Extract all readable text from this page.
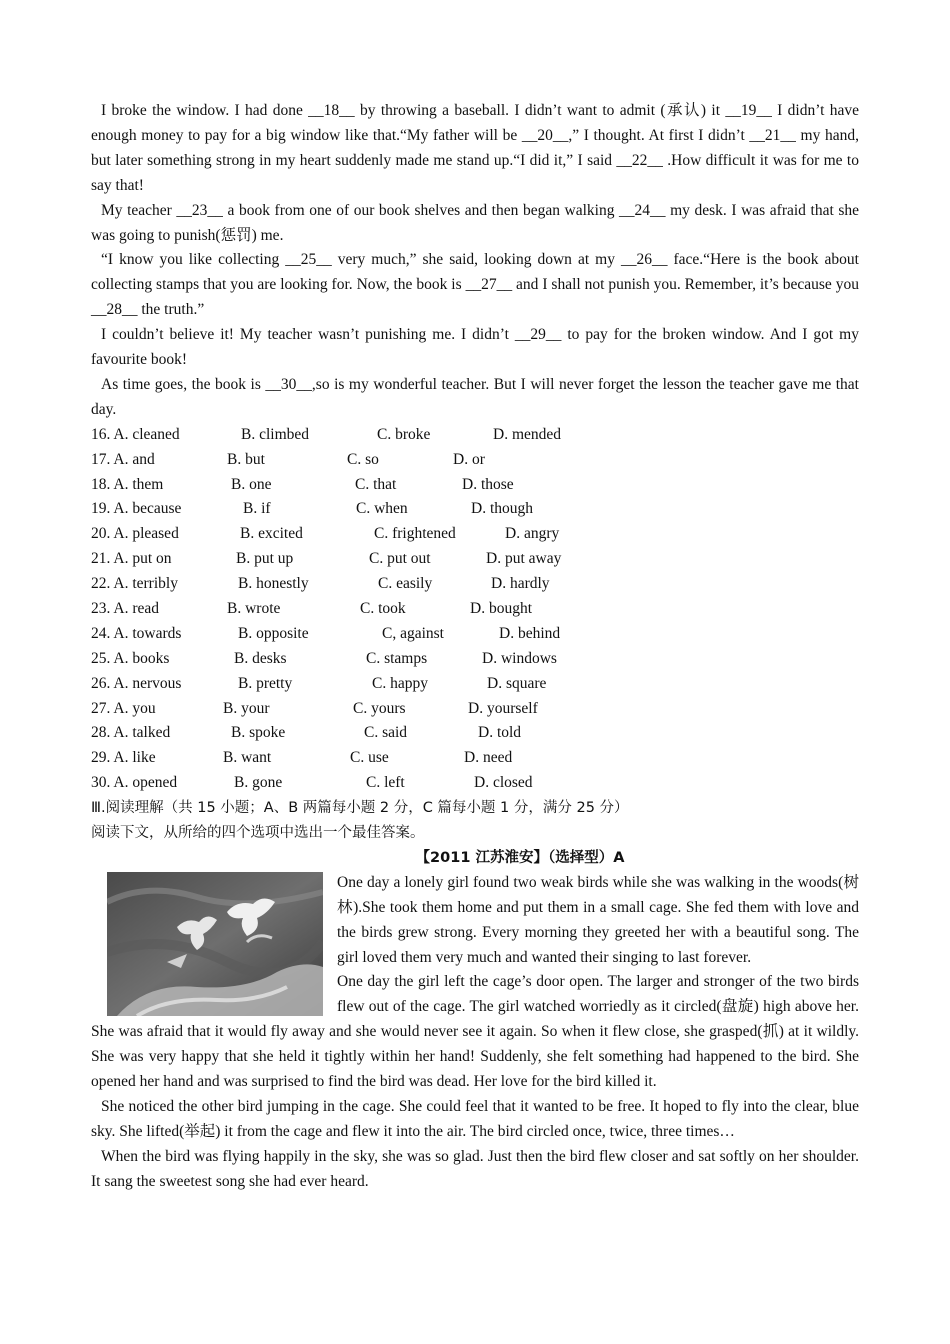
I broke the window. I had done __18__ by throwing a baseball. I didn’t want to admit (承认) it __19__ I didn’t have enough money to pay for a big window like that.“My father will be __20__,” I thought. At first I didn’t __21__ my hand, but later something strong in my heart suddenly made me stand up.“I did it,” I said __22__ .How difficult it was for me to say that!

My teacher __23__ a book from one of our book shelves and then began walking __24__ my desk. I was afraid that she was going to punish(惩罚) me.

“I know you like collecting __25__ very much,” she said, looking down at my __26__ face.“Here is the book about collecting stamps that you are looking for. Now, the book is __27__ and I shall not punish you. Remember, it’s because you __28__ the truth.”

I couldn’t believe it! My teacher wasn’t punishing me. I didn’t __29__ to pay for the broken window. And I got my favourite book!

As time goes, the book is __30__,so is my wonderful teacher. But I will never forget the lesson the teacher gave me that day.

16. A. cleaned	B. climbed	C. broke	D. mended
17. A. and	B. but	C. so	D. or
18. A. them	B. one	C. that	D. those
19. A. because	B. if	C. when	D. though
20. A. pleased	B. excited	C. frightened	D. angry
21. A. put on	B. put up	C. put out	D. put away
22. A. terribly	B. honestly	C. easily	D. hardly
23. A. read	B. wrote	C. took	D. bought
24. A. towards	B. opposite	C, against	D. behind
25. A. books	B. desks	C. stamps	D. windows
26. A. nervous	B. pretty	C. happy	D. square
27. A. you	B. your	C. yours	D. yourself
28. A. talked	B. spoke	C. said	D. told
29. A. like	B. want	C. use	D. need
30. A. opened	B. gone	C. left	D. closed

Ⅲ.阅读理解（共 15 小题；A、B 两篇每小题 2 分，C 篇每小题 1 分，满分 25 分）

阅读下文，从所给的四个选项中选出一个最佳答案。

【2011 江苏淮安】（选择型）A

One day a lonely girl found two weak birds while she was walking in the woods(树林).She took them home and put them in a small cage. She fed them with love and the birds grew strong. Every morning they greeted her with a beautiful song. The girl loved them very much and wanted their singing to last forever.

One day the girl left the cage’s door open. The larger and stronger of the two birds flew out of the cage. The girl watched worriedly as it circled(盘旋) high above her. She was afraid that it would fly away and she would never see it again. So when it flew close, she grasped(抓) at it wildly. She was very happy that she held it tightly within her hand! Suddenly, she felt something had happened to the bird. She opened her hand and was surprised to find the bird was dead. Her love for the bird killed it.

She noticed the other bird jumping in the cage. She could feel that it wanted to be free. It hoped to fly into the clear, blue sky. She lifted(举起) it from the cage and flew it into the air. The bird circled once, twice, three times…

When the bird was flying happily in the sky, she was so glad. Just then the bird flew closer and sat softly on her shoulder. It sang the sweetest song she had ever heard.
